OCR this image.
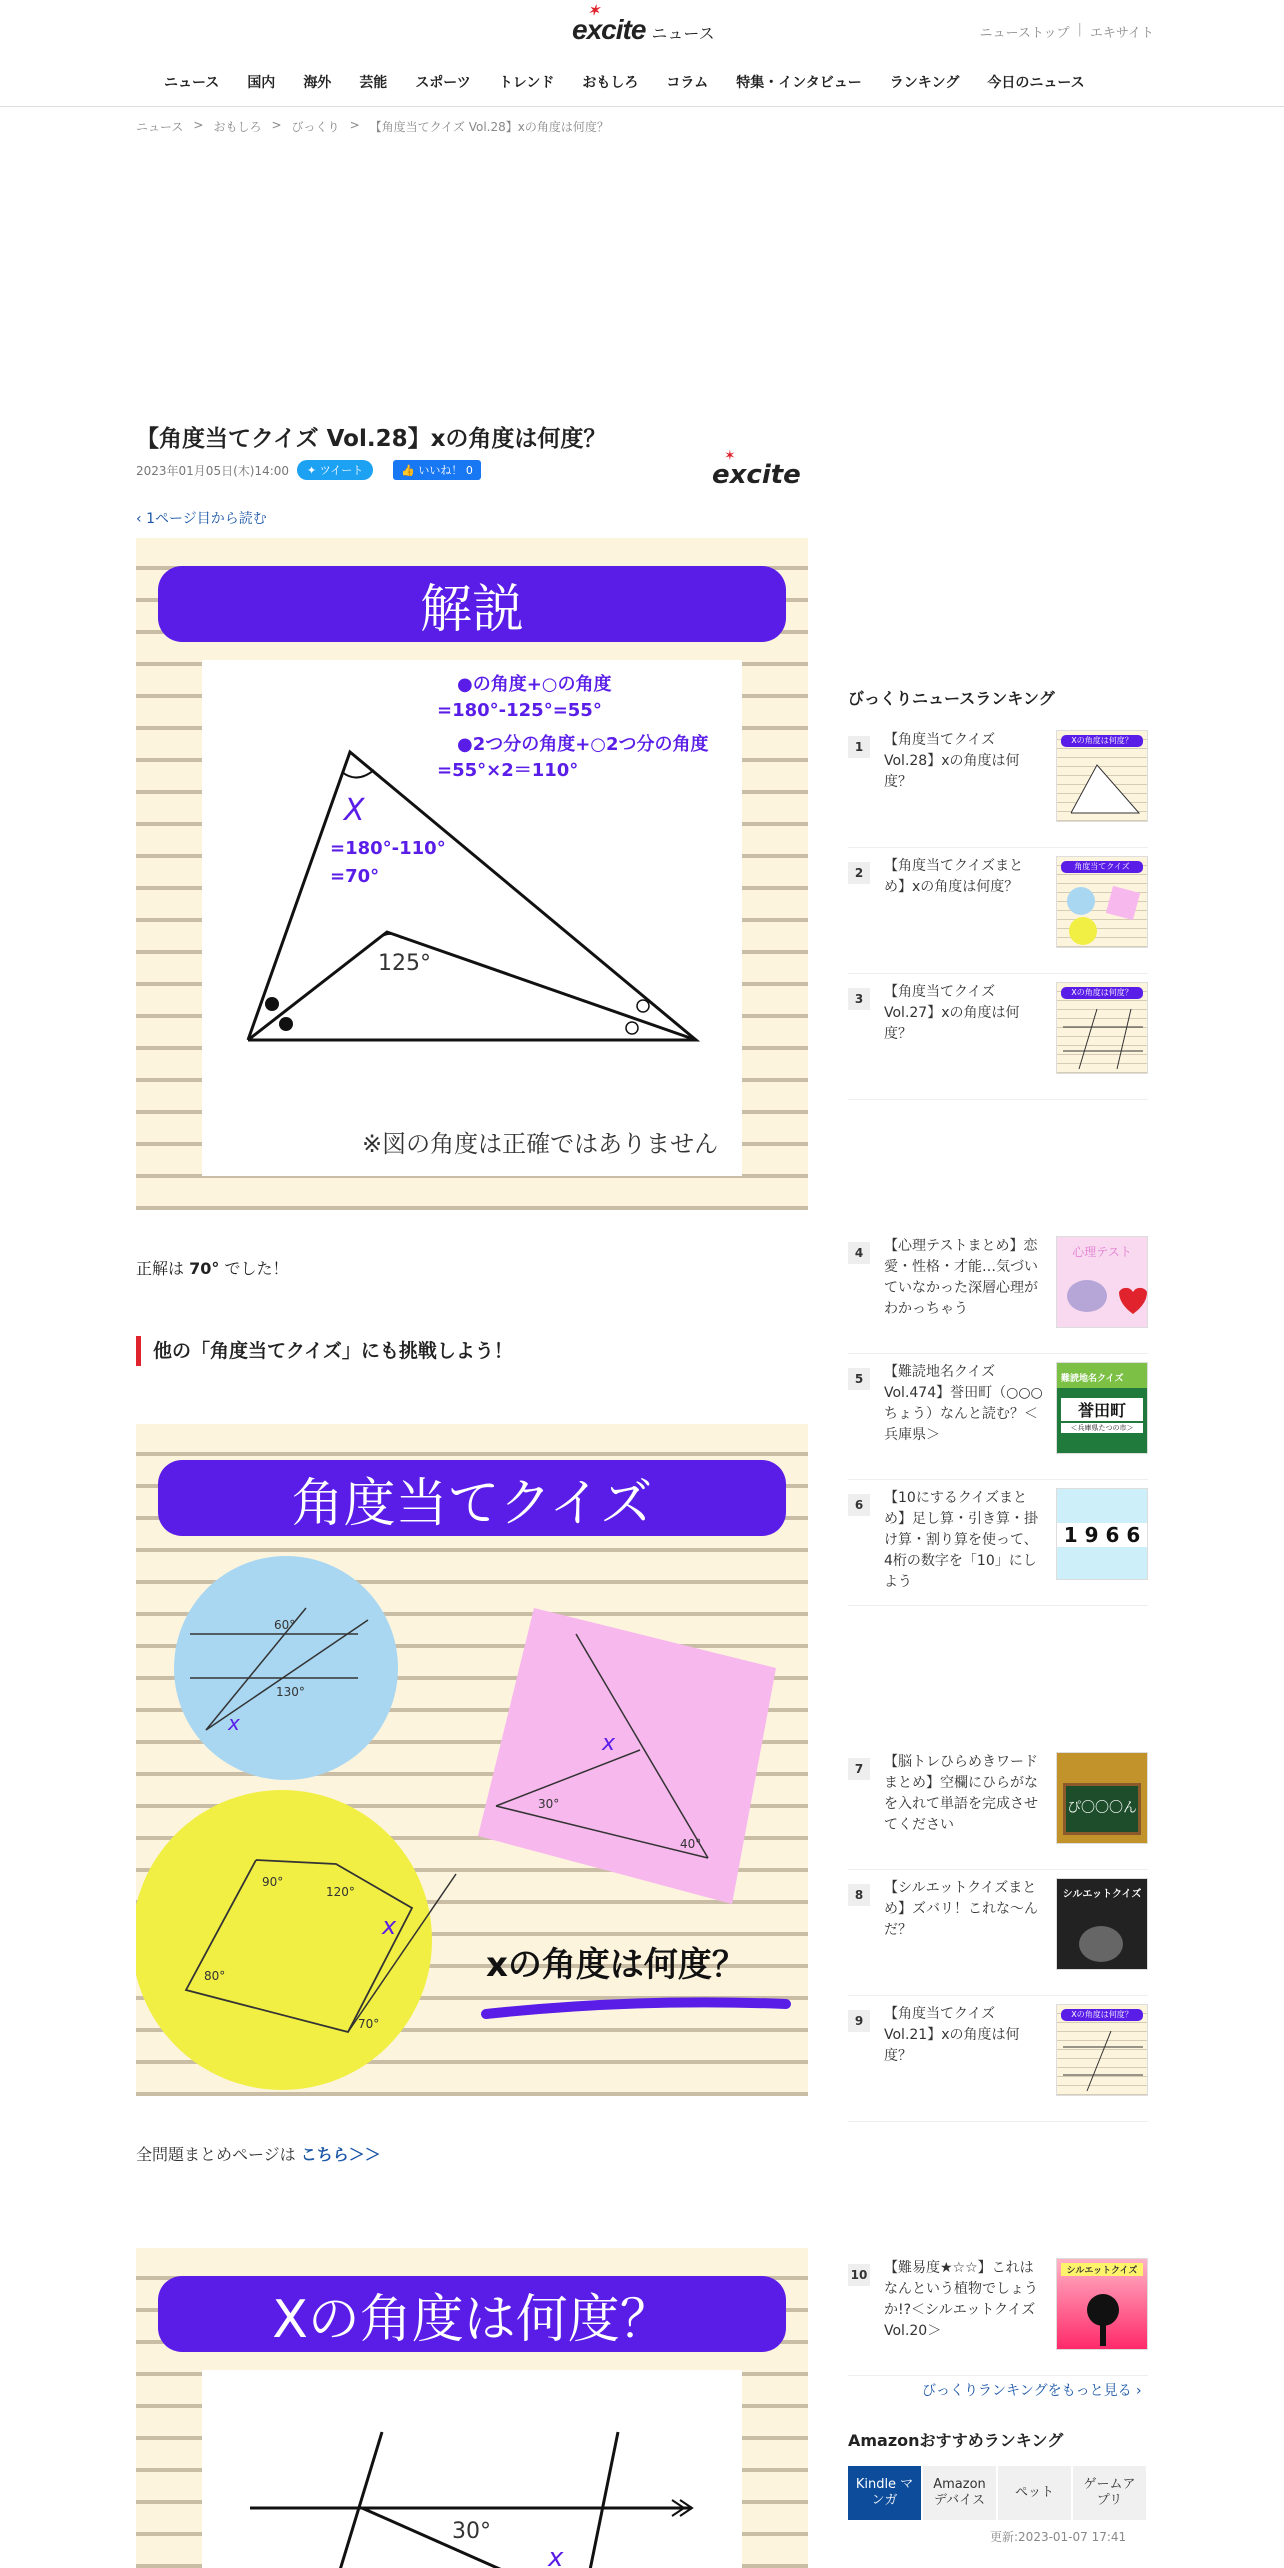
✶
excite ニュース	ニューストップ | エキサイト
ニュース	国内	海外	芸能	スポーツ	トレンド	おもしろ	コラム	特集・インタビュー	ランキング	今日のニュース
ニュース > おもしろ > びっくり > 【角度当てクイズ Vol.28】xの角度は何度？
【角度当てクイズ Vol.28】xの角度は何度？
2023年01月05日(木)14:00	✦ ツイート	👍 いいね！ 0
✶
excite
‹ 1ページ目から読む
解説
●の角度+○の角度
=180°-125°=55°
●2つ分の角度+○2つ分の角度
=55°×2＝110°
X
=180°-110°
=70°
125°
※図の角度は正確ではありません
正解は 70° でした！
他の「角度当てクイズ」にも挑戦しよう！
角度当てクイズ
60°
130°
x
x
30°
40°
90°
120°
80°
70°
x
xの角度は何度？
全問題まとめページは こちら＞＞
Xの角度は何度？
30°
x
びっくりニュースランキング
1	【角度当てクイズ Vol.28】xの角度は何度？
Xの角度は何度？
2	【角度当てクイズまとめ】xの角度は何度？
角度当てクイズ
3	【角度当てクイズ Vol.27】xの角度は何度？
Xの角度は何度？
4	【心理テストまとめ】恋愛・性格・才能…気づいていなかった深層心理がわかっちゃう
心理テスト
5	【難読地名クイズ Vol.474】誉田町（○○○ちょう）なんと読む？＜兵庫県＞
難読地名クイズ
誉田町
＜兵庫県たつの市＞
6	【10にするクイズまとめ】足し算・引き算・掛け算・割り算を使って、4桁の数字を「10」にしよう
1 9 6 6
7	【脳トレひらめきワードまとめ】空欄にひらがなを入れて単語を完成させてください
ぴ〇〇〇ん
8	【シルエットクイズまとめ】ズバリ！これな〜んだ？
シルエットクイズ
9	【角度当てクイズ Vol.21】xの角度は何度？
Xの角度は何度？
10 【難易度★☆☆】これはなんという植物でしょうか!?＜シルエットクイズ Vol.20＞
シルエットクイズ
びっくりランキングをもっと見る ›
Amazonおすすめランキング
Kindle マンガ
Amazonデバイス
ペット
ゲームアプリ
更新:2023-01-07 17:41
